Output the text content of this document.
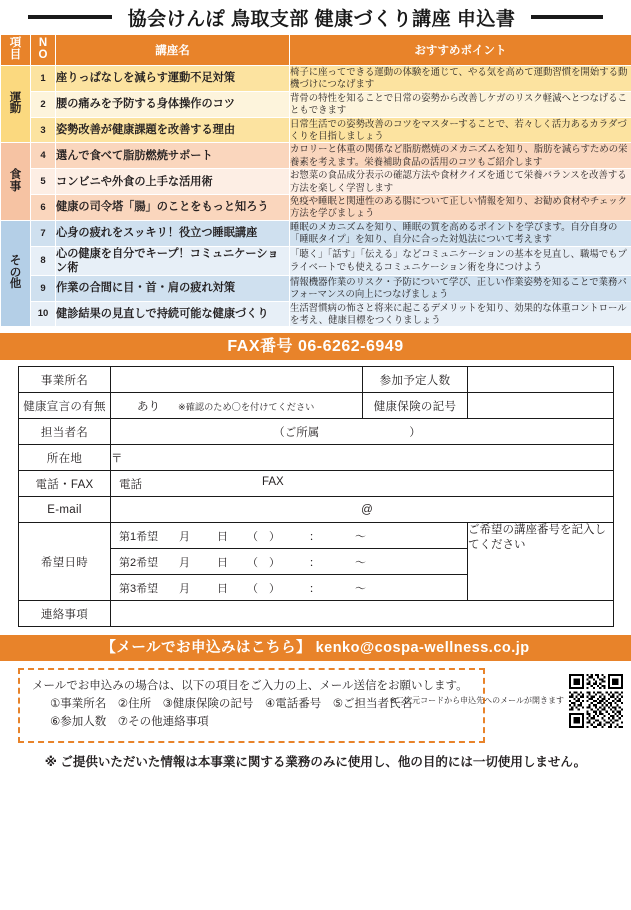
協会けんぽ 鳥取支部 健康づくり講座 申込書
項
目	N
O	講座名	おすすめポイント

運
動	1	座りっぱなしを減らす運動不足対策	椅子に座ってできる運動の体験を通じて、やる気を高めて運動習慣を開始する動機づけにつなげます
	2	腰の痛みを予防する身体操作のコツ	背骨の特性を知ることで日常の姿勢から改善しケガのリスク軽減へとつなげることもできます
	3	姿勢改善が健康課題を改善する理由	日常生活での姿勢改善のコツをマスターすることで、若々しく活力あるカラダづくりを目指しましょう

食
事	4	選んで食べて脂肪燃焼サポート	カロリーと体重の関係など脂肪燃焼のメカニズムを知り、脂肪を減らすための栄養素を考えます。栄養補助食品の活用のコツもご紹介します
	5	コンビニや外食の上手な活用術	お惣菜の食品成分表示の確認方法や食材クイズを通じて栄養バランスを改善する方法を楽しく学習します
	6	健康の司令塔「腸」のことをもっと知ろう	免疫や睡眠と関連性のある腸について正しい情報を知り、お勧め食材やチェック方法を学びましょう

そ
の
他	7	心身の疲れをスッキリ！役立つ睡眠講座	睡眠のメカニズムを知り、睡眠の質を高めるポイントを学びます。自分自身の「睡眠タイプ」を知り、自分に合った対処法について考えます
	8	心の健康を自分でキープ！コミュニケーション術	「聴く」「話す」「伝える」などコミュニケーションの基本を見直し、職場でもプライベートでも使えるコミュニケーション術を身につけよう
	9	作業の合間に目・首・肩の疲れ対策	情報機器作業のリスク・予防について学び、正しい作業姿勢を知ることで業務パフォーマンスの向上につなげましょう
	10	健診結果の見直しで持続可能な健康づくり	生活習慣病の怖さと将来に起こるデメリットを知り、効果的な体重コントロールを考え、健康目標をつくりましょう
FAX番号 06-6262-6949
事業所名		参加予定人数	
健康宣言の有無	あり ※確認のため〇を付けてください	健康保険の記号	
担当者名	（ご所属 ）		

所在地	〒		
電話・FAX	電話 FAX		

E-mail	@		

希望日時	
第1希望	月	日	（　）	：	～
	ご希望の講座番号を記入してください

第2希望	月	日	（　）	：	～

第3希望	月	日	（　）	：	～

連絡事項			
【メールでお申込みはこちら】 kenko@cospa-wellness.co.jp
メールでお申込みの場合は、以下の項目をご入力の上、メール送信をお願いします。
①事業所名　②住所　③健康保険の記号　④電話番号　⑤ご担当者氏名
⑥参加人数　⑦その他連絡事項
※二次元コードから申込先へのメールが開きます
※ ご提供いただいた情報は本事業に関する業務のみに使用し、他の目的には一切使用しません。
